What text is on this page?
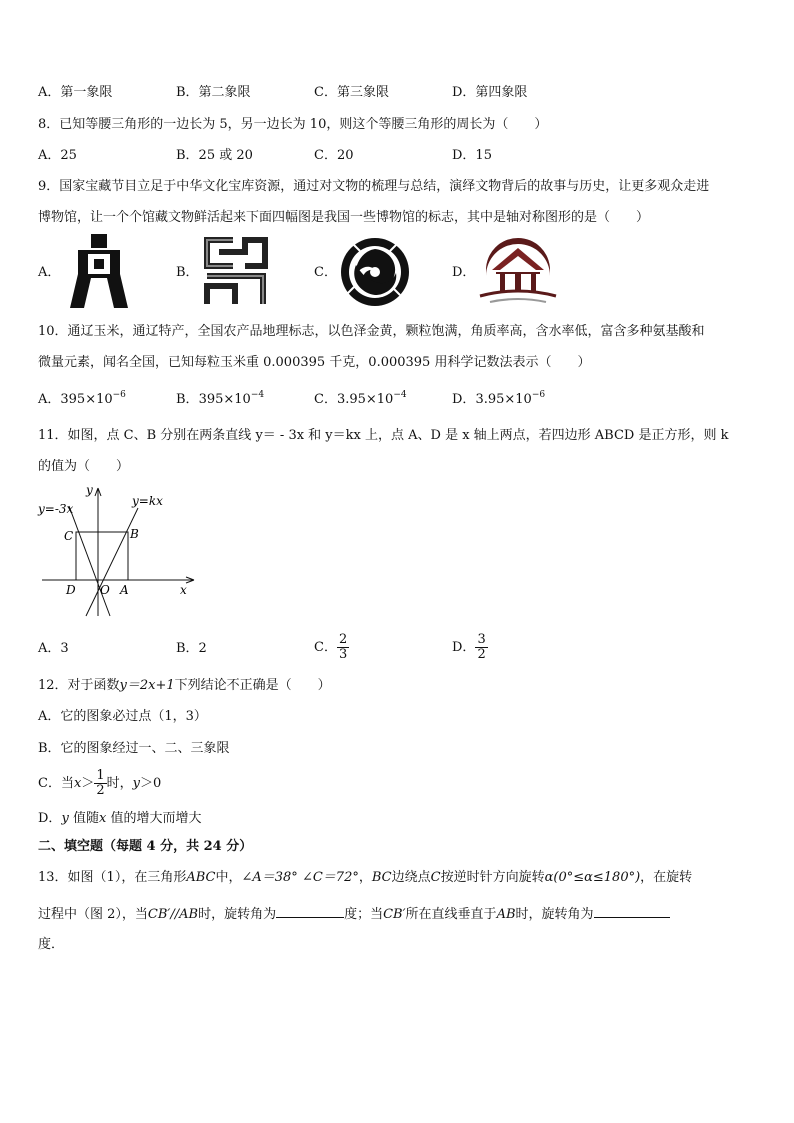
A．第一象限	B．第二象限	C．第三象限	D．第四象限
8．已知等腰三角形的一边长为 5，另一边长为 10，则这个等腰三角形的周长为（　　）
A．25	B．25 或 20	C．20	D．15
9．国家宝藏节目立足于中华文化宝库资源，通过对文物的梳理与总结，演绎文物背后的故事与历史，让更多观众走进
博物馆，让一个个馆藏文物鲜活起来下面四幅图是我国一些博物馆的标志，其中是轴对称图形的是（　　）
A．	B．	C．	D．
10．通辽玉米，通辽特产，全国农产品地理标志，以色泽金黄，颗粒饱满，角质率高，含水率低，富含多种氨基酸和
微量元素，闻名全国，已知每粒玉米重 0.000395 千克，0.000395 用科学记数法表示（　　）
A．$395\times 10^{-6}$	B．$395\times 10^{-4}$	C．$3.95\times 10^{-4}$	D．$3.95\times 10^{-6}$
11．如图，点 C、B 分别在两条直线 y＝ - 3x 和 y＝kx 上，点 A、D 是 x 轴上两点，若四边形 ABCD 是正方形，则 k
的值为（　　）
y=-3x
y=kx
y
x
C	B
D O A
A．3	B．2	C． $\frac{2}{3}$	D． $\frac{3}{2}$
12．对于函数y＝2x+1下列结论不正确是（　　）
A．它的图象必过点（1，3）
B．它的图象经过一、二、三象限
C．当$x> \frac{1}{2}$ 时，y＞0
D．y 值随x 值的增大而增大
二、填空题（每题 4 分，共 24 分）
13．如图（1），在三角形ABC中，∠A＝38° ∠C＝72°，BC边绕点C按逆时针方向旋转α(0°≤α≤180°)，在旋转
过程中（图 2），当CB′//AB时，旋转角为	度；当CB′所在直线垂直于AB时，旋转角为
度．
